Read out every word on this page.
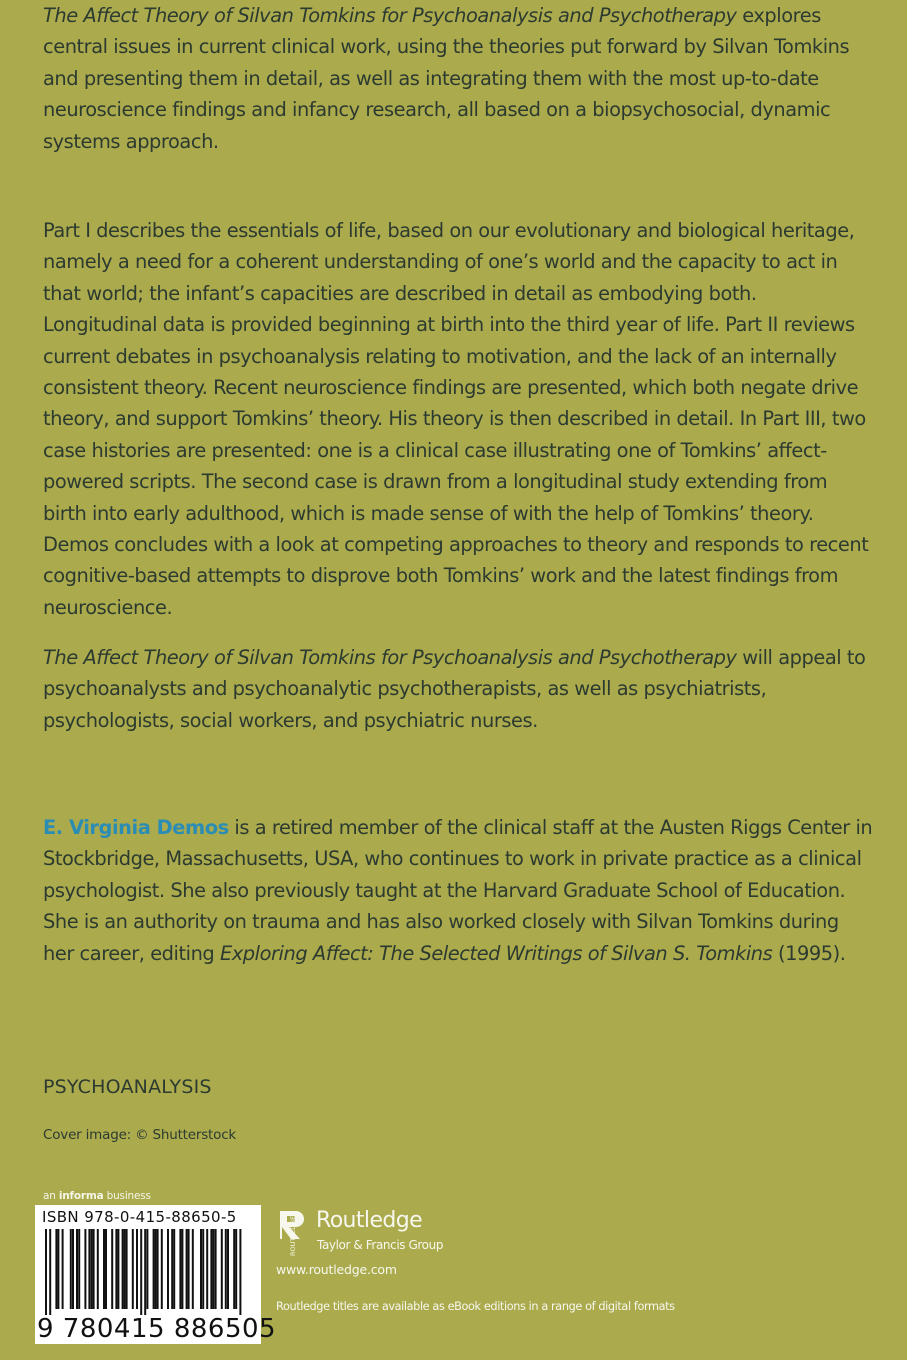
The Affect Theory of Silvan Tomkins for Psychoanalysis and Psychotherapy explores central issues in current clinical work, using the theories put forward by Silvan Tomkins and presenting them in detail, as well as integrating them with the most up-to-date neuroscience findings and infancy research, all based on a biopsychosocial, dynamic systems approach.

Part I describes the essentials of life, based on our evolutionary and biological heritage, namely a need for a coherent understanding of one’s world and the capacity to act in that world; the infant’s capacities are described in detail as embodying both. Longitudinal data is provided beginning at birth into the third year of life. Part II reviews current debates in psychoanalysis relating to motivation, and the lack of an internally consistent theory. Recent neuroscience findings are presented, which both negate drive theory, and support Tomkins’ theory. His theory is then described in detail. In Part III, two case histories are presented: one is a clinical case illustrating one of Tomkins’ affect-powered scripts. The second case is drawn from a longitudinal study extending from birth into early adulthood, which is made sense of with the help of Tomkins’ theory. Demos concludes with a look at competing approaches to theory and responds to recent cognitive-based attempts to disprove both Tomkins’ work and the latest findings from neuroscience.

The Affect Theory of Silvan Tomkins for Psychoanalysis and Psychotherapy will appeal to psychoanalysts and psychoanalytic psychotherapists, as well as psychiatrists, psychologists, social workers, and psychiatric nurses.

E. Virginia Demos is a retired member of the clinical staff at the Austen Riggs Center in Stockbridge, Massachusetts, USA, who continues to work in private practice as a clinical psychologist. She also previously taught at the Harvard Graduate School of Education. She is an authority on trauma and has also worked closely with Silvan Tomkins during her career, editing Exploring Affect: The Selected Writings of Silvan S. Tomkins (1995).

PSYCHOANALYSIS
Cover image: © Shutterstock
an informa business
ISBN 978-0-415-88650-5
9 780415 886505
ROUTLEDGE Routledge
Taylor & Francis Group
www.routledge.com
Routledge titles are available as eBook editions in a range of digital formats
